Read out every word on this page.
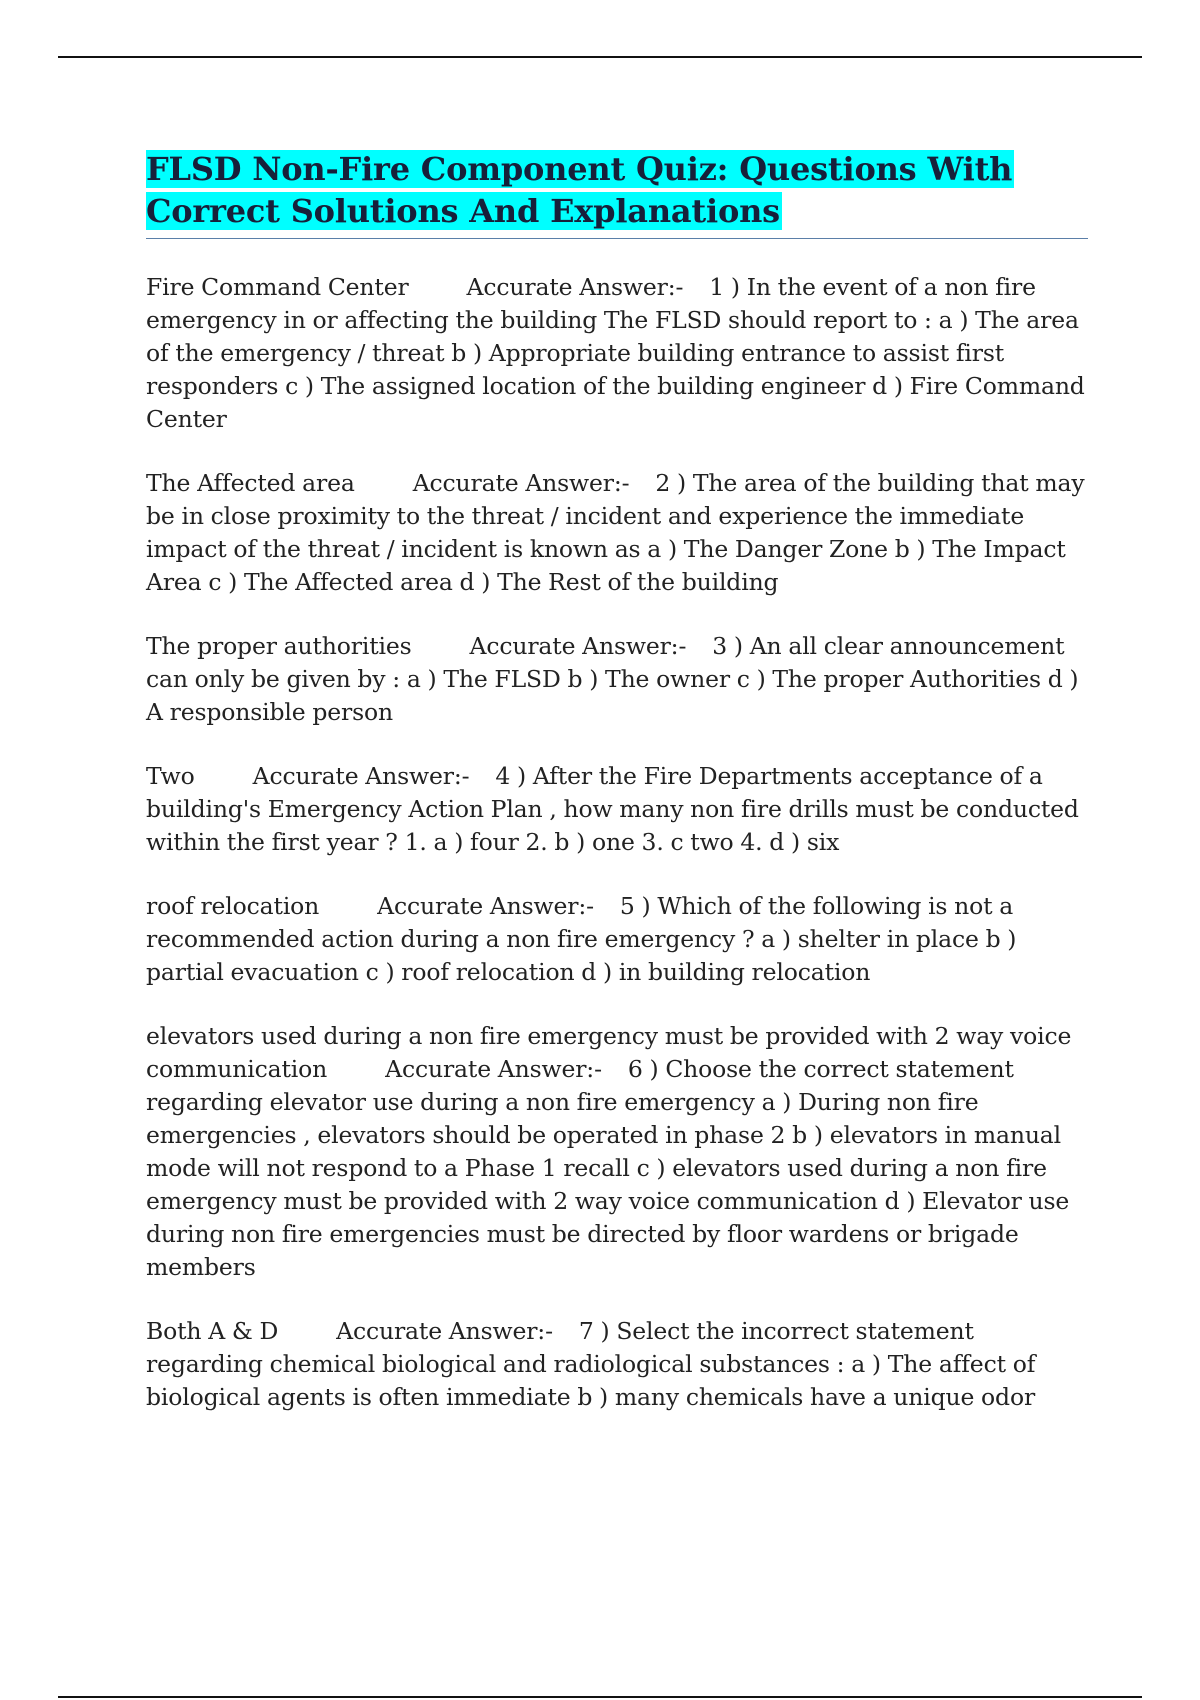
FLSD Non-Fire Component Quiz: Questions With
Correct Solutions And Explanations

Fire Command Center Accurate Answer:- 1 ) In the event of a non fire emergency in or affecting the building The FLSD should report to : a ) The area of the emergency / threat b ) Appropriate building entrance to assist first responders c ) The assigned location of the building engineer d ) Fire Command Center

The Affected area Accurate Answer:- 2 ) The area of the building that may be in close proximity to the threat / incident and experience the immediate impact of the threat / incident is known as a ) The Danger Zone b ) The Impact Area c ) The Affected area d ) The Rest of the building

The proper authorities Accurate Answer:- 3 ) An all clear announcement can only be given by : a ) The FLSD b ) The owner c ) The proper Authorities d ) A responsible person

Two Accurate Answer:- 4 ) After the Fire Departments acceptance of a building's Emergency Action Plan , how many non fire drills must be conducted within the first year ? 1. a ) four 2. b ) one 3. c two 4. d ) six

roof relocation Accurate Answer:- 5 ) Which of the following is not a recommended action during a non fire emergency ? a ) shelter in place b ) partial evacuation c ) roof relocation d ) in building relocation

elevators used during a non fire emergency must be provided with 2 way voice communication Accurate Answer:- 6 ) Choose the correct statement regarding elevator use during a non fire emergency a ) During non fire emergencies , elevators should be operated in phase 2 b ) elevators in manual mode will not respond to a Phase 1 recall c ) elevators used during a non fire emergency must be provided with 2 way voice communication d ) Elevator use during non fire emergencies must be directed by floor wardens or brigade members

Both A & D Accurate Answer:- 7 ) Select the incorrect statement regarding chemical biological and radiological substances : a ) The affect of biological agents is often immediate b ) many chemicals have a unique odor
